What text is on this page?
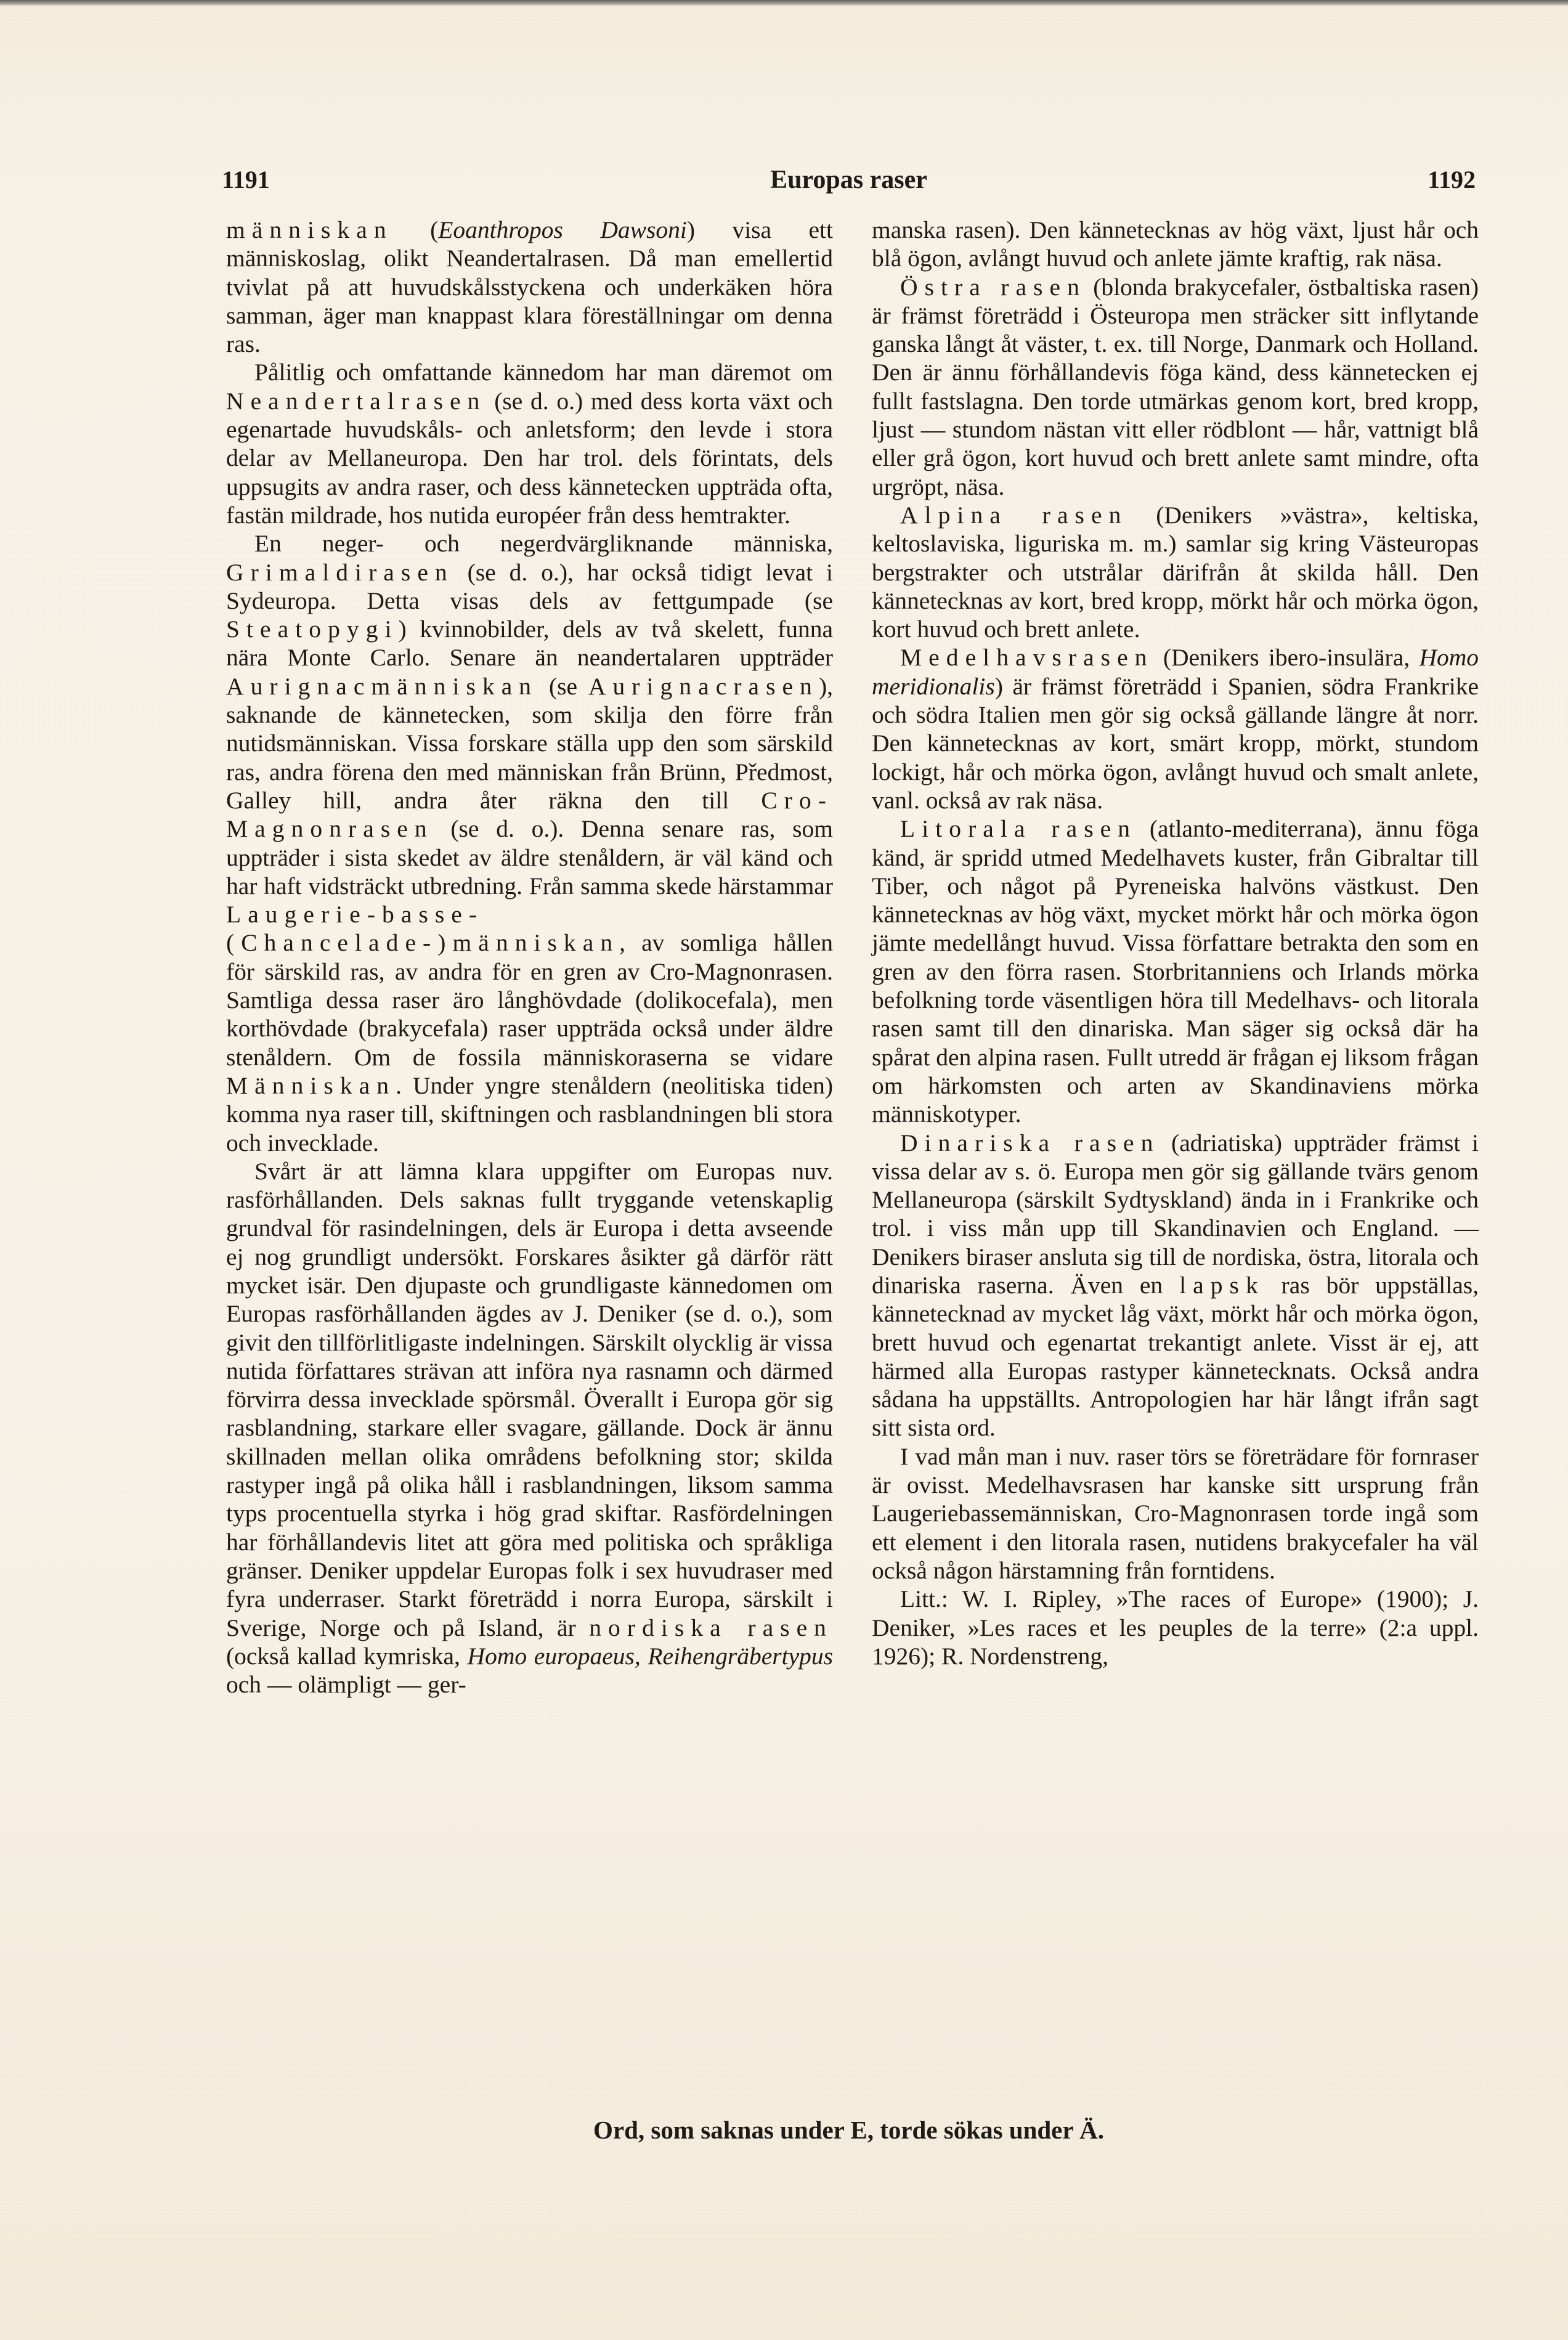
1191	Europas raser	1192

människan (Eoanthropos Dawsoni) visa ett människoslag, olikt Neandertalrasen. Då man emellertid tvivlat på att huvudskålsstyckena och underkäken höra samman, äger man knappast klara föreställningar om denna ras.

Pålitlig och omfattande kännedom har man däremot om Neandertalrasen (se d. o.) med dess korta växt och egenartade huvudskåls- och anletsform; den levde i stora delar av Mellaneuropa. Den har trol. dels förintats, dels uppsugits av andra raser, och dess kännetecken uppträda ofta, fastän mildrade, hos nutida européer från dess hemtrakter.

En neger- och negerdvärgliknande människa, Grimaldirasen (se d. o.), har också tidigt levat i Sydeuropa. Detta visas dels av fettgumpade (se Steatopygi) kvinnobilder, dels av två skelett, funna nära Monte Carlo. Senare än neandertalaren uppträder Aurignacmänniskan (se Aurignacrasen), saknande de kännetecken, som skilja den förre från nutidsmänniskan. Vissa forskare ställa upp den som särskild ras, andra förena den med människan från Brünn, Předmost, Galley hill, andra åter räkna den till Cro-Magnonrasen (se d. o.). Denna senare ras, som uppträder i sista skedet av äldre stenåldern, är väl känd och har haft vidsträckt utbredning. Från samma skede härstammar Laugerie-basse-(Chancelade-)människan, av somliga hållen för särskild ras, av andra för en gren av Cro-Magnonrasen. Samtliga dessa raser äro långhövdade (dolikocefala), men korthövdade (brakycefala) raser uppträda också under äldre stenåldern. Om de fossila människoraserna se vidare Människan. Under yngre stenåldern (neolitiska tiden) komma nya raser till, skiftningen och rasblandningen bli stora och invecklade.

Svårt är att lämna klara uppgifter om Europas nuv. rasförhållanden. Dels saknas fullt tryggande vetenskaplig grundval för rasindelningen, dels är Europa i detta avseende ej nog grundligt undersökt. Forskares åsikter gå därför rätt mycket isär. Den djupaste och grundligaste kännedomen om Europas rasförhållanden ägdes av J. Deniker (se d. o.), som givit den tillförlitligaste indelningen. Särskilt olycklig är vissa nutida författares strävan att införa nya rasnamn och därmed förvirra dessa invecklade spörsmål. Överallt i Europa gör sig rasblandning, starkare eller svagare, gällande. Dock är ännu skillnaden mellan olika områdens befolkning stor; skilda rastyper ingå på olika håll i rasblandningen, liksom samma typs procentuella styrka i hög grad skiftar. Rasfördelningen har förhållandevis litet att göra med politiska och språkliga gränser. Deniker uppdelar Europas folk i sex huvudraser med fyra underraser. Starkt företrädd i norra Europa, särskilt i Sverige, Norge och på Island, är nordiska rasen (också kallad kymriska, Homo europaeus, Reihengräbertypus och — olämpligt — ger-

manska rasen). Den kännetecknas av hög växt, ljust hår och blå ögon, avlångt huvud och anlete jämte kraftig, rak näsa.

Östra rasen (blonda brakycefaler, östbaltiska rasen) är främst företrädd i Östeuropa men sträcker sitt inflytande ganska långt åt väster, t. ex. till Norge, Danmark och Holland. Den är ännu förhållandevis föga känd, dess kännetecken ej fullt fastslagna. Den torde utmärkas genom kort, bred kropp, ljust — stundom nästan vitt eller rödblont — hår, vattnigt blå eller grå ögon, kort huvud och brett anlete samt mindre, ofta urgröpt, näsa.

Alpina rasen (Denikers »västra», keltiska, keltoslaviska, liguriska m. m.) samlar sig kring Västeuropas bergstrakter och utstrålar därifrån åt skilda håll. Den kännetecknas av kort, bred kropp, mörkt hår och mörka ögon, kort huvud och brett anlete.

Medelhavsrasen (Denikers ibero-insulära, Homo meridionalis) är främst företrädd i Spanien, södra Frankrike och södra Italien men gör sig också gällande längre åt norr. Den kännetecknas av kort, smärt kropp, mörkt, stundom lockigt, hår och mörka ögon, avlångt huvud och smalt anlete, vanl. också av rak näsa.

Litorala rasen (atlanto-mediterrana), ännu föga känd, är spridd utmed Medelhavets kuster, från Gibraltar till Tiber, och något på Pyreneiska halvöns västkust. Den kännetecknas av hög växt, mycket mörkt hår och mörka ögon jämte medellångt huvud. Vissa författare betrakta den som en gren av den förra rasen. Storbritanniens och Irlands mörka befolkning torde väsentligen höra till Medelhavs- och litorala rasen samt till den dinariska. Man säger sig också där ha spårat den alpina rasen. Fullt utredd är frågan ej liksom frågan om härkomsten och arten av Skandinaviens mörka människotyper.

Dinariska rasen (adriatiska) uppträder främst i vissa delar av s. ö. Europa men gör sig gällande tvärs genom Mellaneuropa (särskilt Sydtyskland) ända in i Frankrike och trol. i viss mån upp till Skandinavien och England. — Denikers biraser ansluta sig till de nordiska, östra, litorala och dinariska raserna. Även en lapsk ras bör uppställas, kännetecknad av mycket låg växt, mörkt hår och mörka ögon, brett huvud och egenartat trekantigt anlete. Visst är ej, att härmed alla Europas rastyper kännetecknats. Också andra sådana ha uppställts. Antropologien har här långt ifrån sagt sitt sista ord.

I vad mån man i nuv. raser törs se företrädare för fornraser är ovisst. Medelhavsrasen har kanske sitt ursprung från Laugeriebassemänniskan, Cro-Magnonrasen torde ingå som ett element i den litorala rasen, nutidens brakycefaler ha väl också någon härstamning från forntidens.

Litt.: W. I. Ripley, »The races of Europe» (1900); J. Deniker, »Les races et les peuples de la terre» (2:a uppl. 1926); R. Nordenstreng,

Ord, som saknas under E, torde sökas under Ä.
